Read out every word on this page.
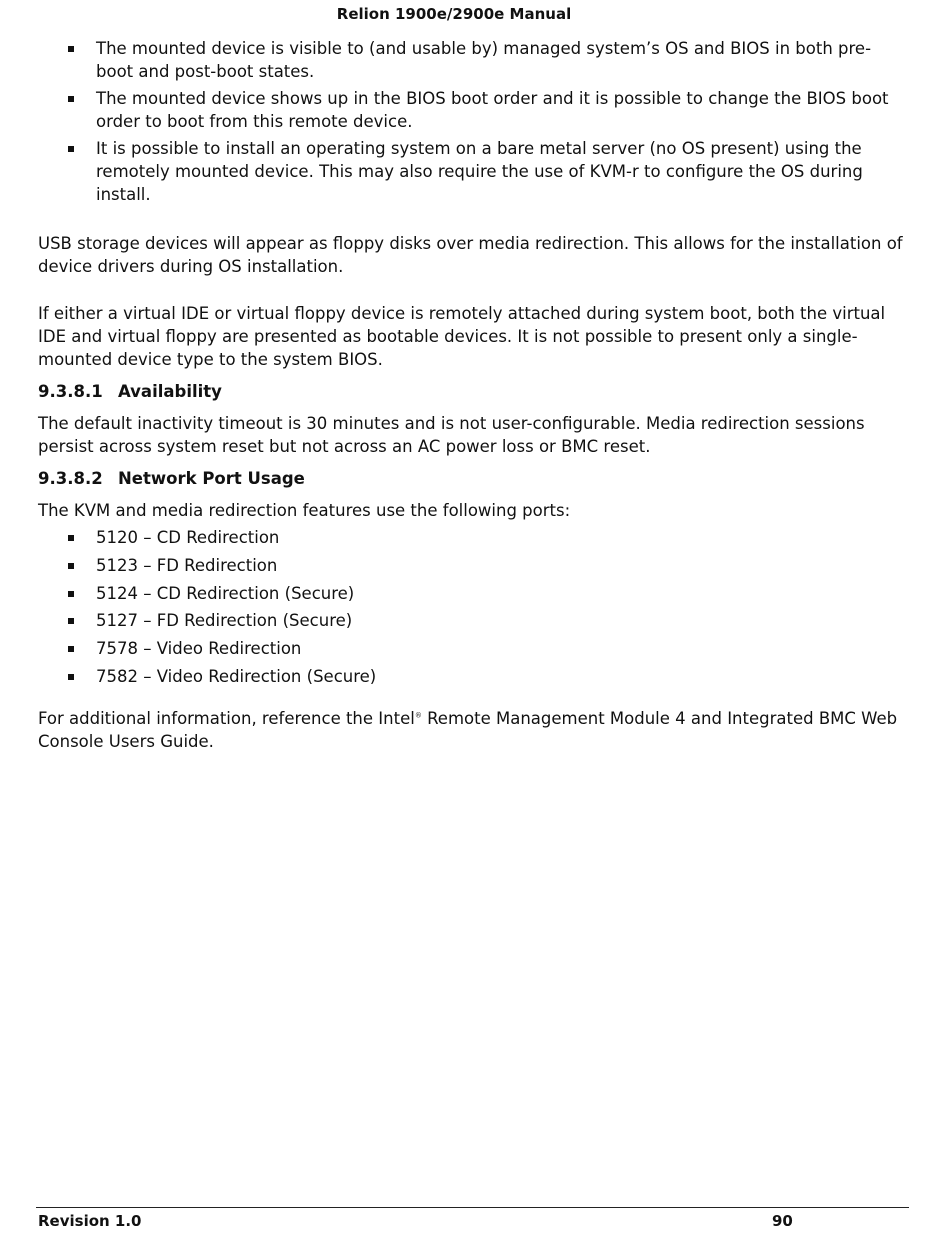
Relion 1900e/2900e Manual
The mounted device is visible to (and usable by) managed system’s OS and BIOS in both pre-boot and post-boot states.
The mounted device shows up in the BIOS boot order and it is possible to change the BIOS boot order to boot from this remote device.
It is possible to install an operating system on a bare metal server (no OS present) using the remotely mounted device. This may also require the use of KVM-r to configure the OS during install.

USB storage devices will appear as floppy disks over media redirection. This allows for the installation of device drivers during OS installation.

If either a virtual IDE or virtual floppy device is remotely attached during system boot, both the virtual IDE and virtual floppy are presented as bootable devices. It is not possible to present only a single-mounted device type to the system BIOS.

9.3.8.1 Availability

The default inactivity timeout is 30 minutes and is not user-configurable. Media redirection sessions persist across system reset but not across an AC power loss or BMC reset.

9.3.8.2 Network Port Usage

The KVM and media redirection features use the following ports:

5120 – CD Redirection
5123 – FD Redirection
5124 – CD Redirection (Secure)
5127 – FD Redirection (Secure)
7578 – Video Redirection
7582 – Video Redirection (Secure)

For additional information, reference the Intel® Remote Management Module 4 and Integrated BMC Web Console Users Guide.

Revision 1.0	90
